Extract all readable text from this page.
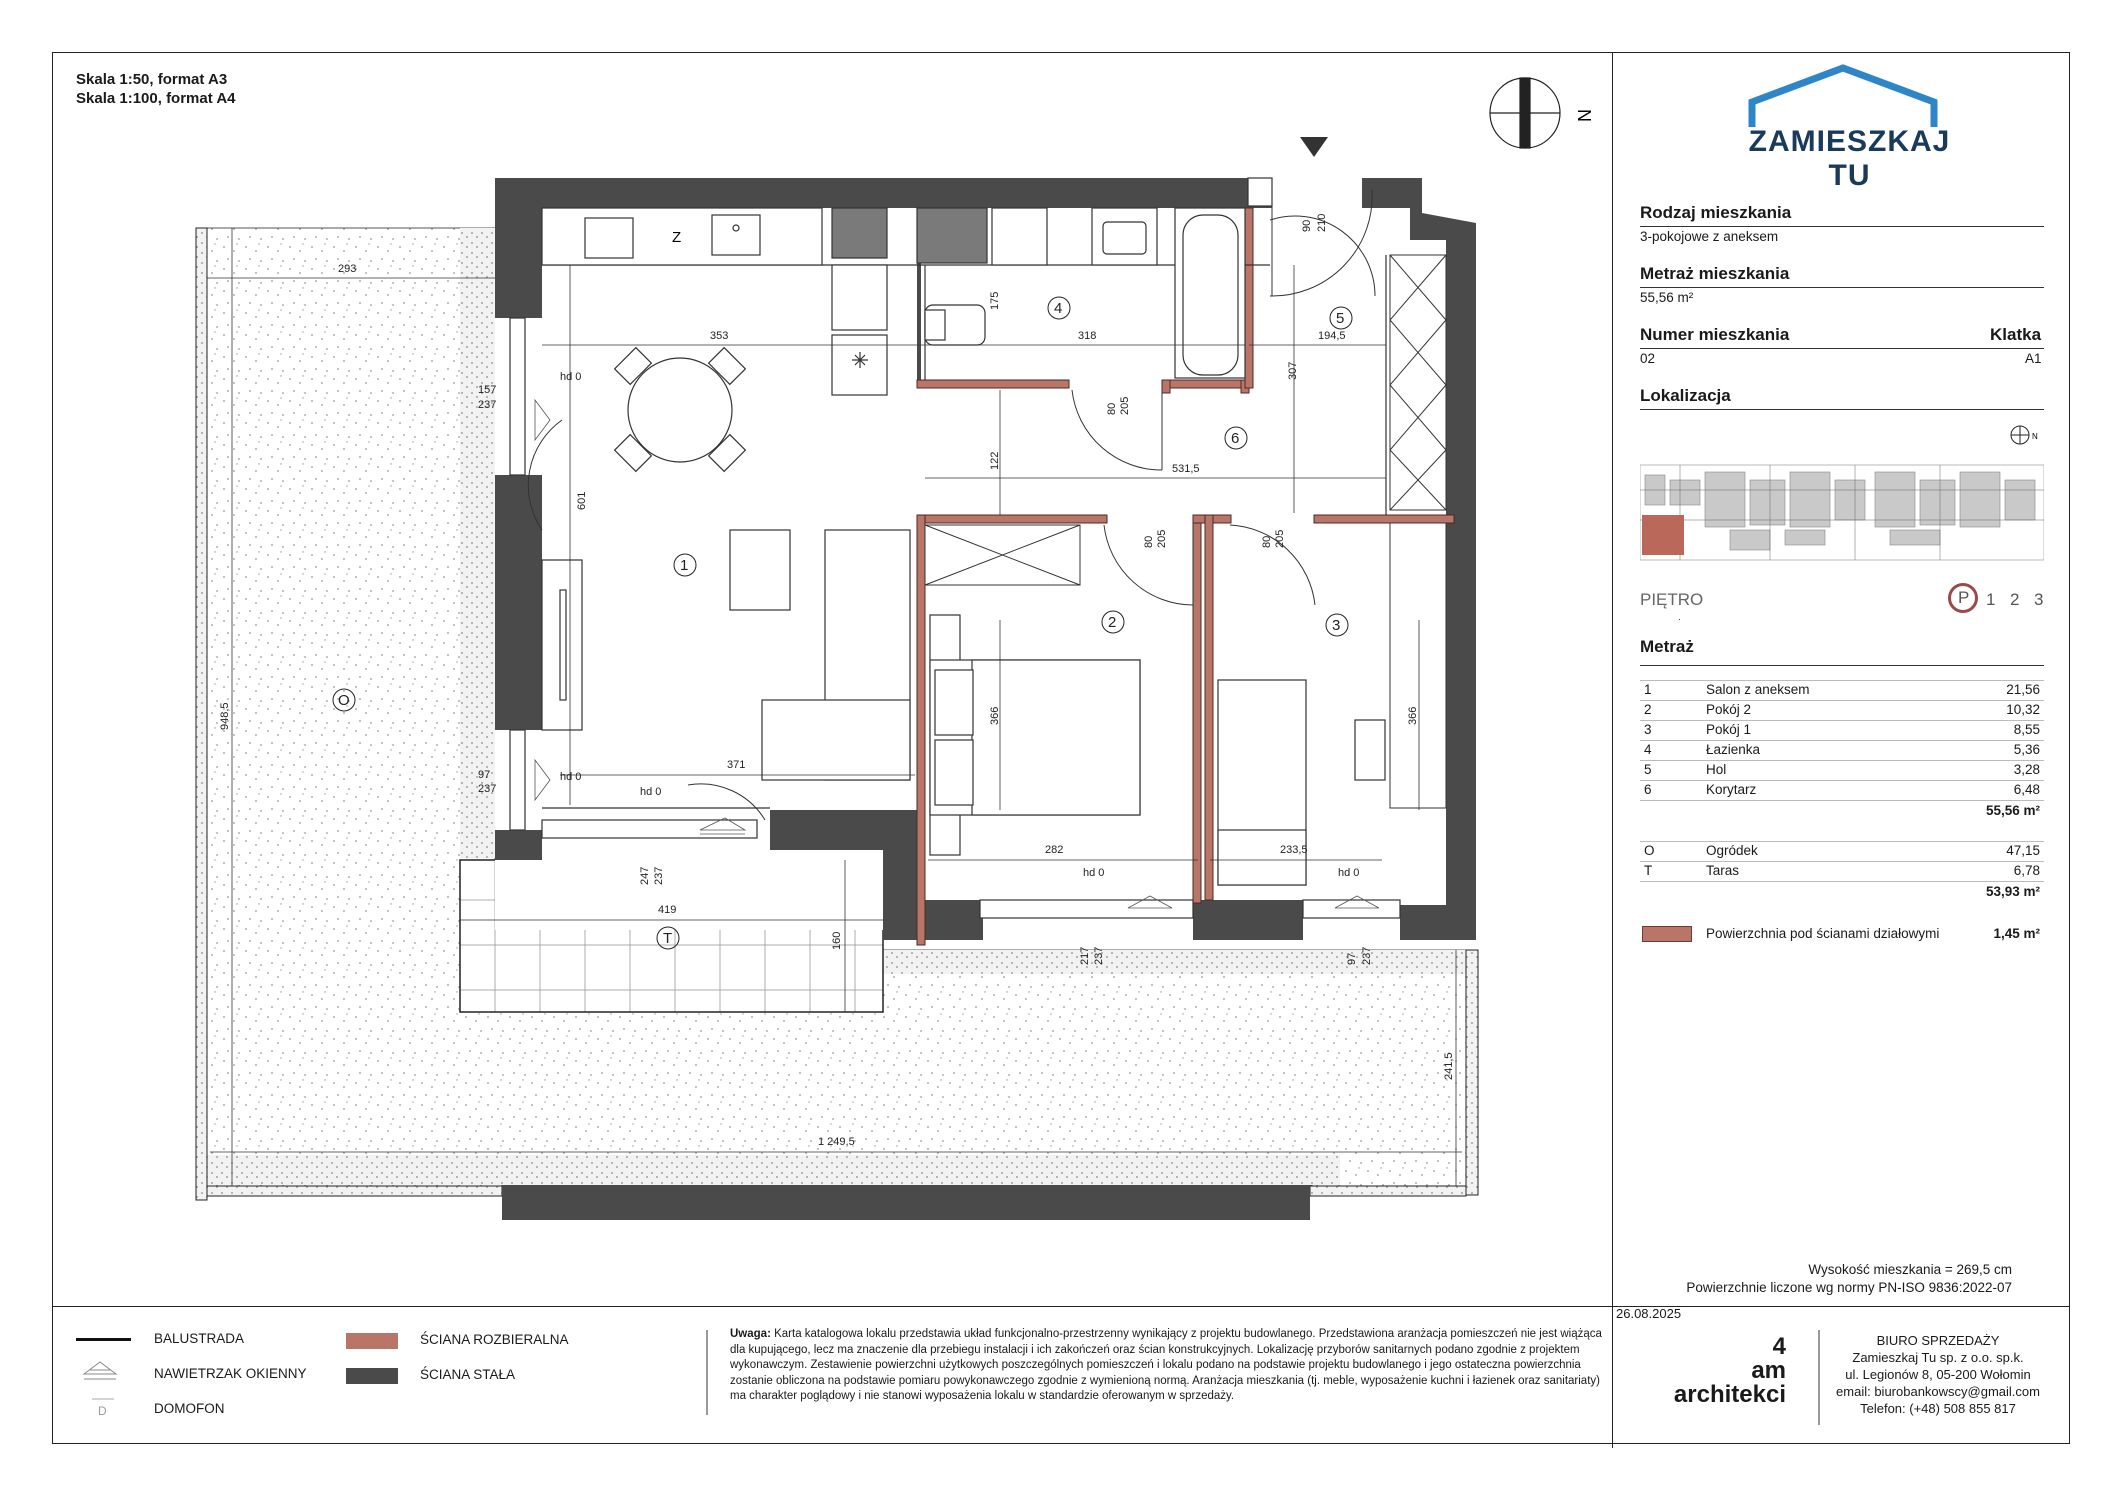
Skala 1:50, format A3
Skala 1:100, format A4
Z
293
353	318	194,5
531,5
371
282	233,5
419
1 249,5
157
237
97
237	hd 0
hd 0	hd 0
hd 0
hd 0
601
948,5
241,5
122
175
307
366	366
160
247 237
217 237	97 237
80 205
80 205	80 205
90 210
1
2	3
4
5
6
O
T
N
ZAMIESZKAJ TU
Rodzaj mieszkania
3-pokojowe z aneksem
Metraż mieszkania
55,56 m²
Numer mieszkania	Klatka
02	A1
Lokalizacja
N
PIĘTRO	P 1 2 3
·
Metraż
1	Salon z aneksem	21,56
2	Pokój 2	10,32
3	Pokój 1	8,55
4	Łazienka	5,36
5	Hol	3,28
6	Korytarz	6,48
55,56 m²
O	Ogródek	47,15
T	Taras	6,78
53,93 m²
Powierzchnia pod ścianami działowymi	1,45 m²
Wysokość mieszkania = 269,5 cm
Powierzchnie liczone wg normy PN-ISO 9836:2022-07
BALUSTRADA
NAWIETRZAK OKIENNY
D	DOMOFON
ŚCIANA ROZBIERALNA
ŚCIANA STAŁA
Uwaga: Karta katalogowa lokalu przedstawia układ funkcjonalno-przestrzenny wynikający z projektu budowlanego. Przedstawiona aranżacja pomieszczeń nie jest wiążąca dla kupującego, lecz ma znaczenie dla przebiegu instalacji i ich zakończeń oraz ścian konstrukcyjnych. Lokalizację przyborów sanitarnych podano zgodnie z projektem wykonawczym. Zestawienie powierzchni użytkowych poszczególnych pomieszczeń i lokalu podano na podstawie projektu budowlanego i jego ostateczna powierzchnia zostanie obliczona na podstawie pomiaru powykonawczego zgodnie z wymienioną normą. Aranżacja mieszkania (tj. meble, wyposażenie kuchni i łazienek oraz sanitariaty) ma charakter poglądowy i nie stanowi wyposażenia lokalu w standardzie oferowanym w sprzedaży.
4
am
architekci
26.08.2025
BIURO SPRZEDAŻY
Zamieszkaj Tu sp. z o.o. sp.k.
ul. Legionów 8, 05-200 Wołomin
email: biurobankowscy@gmail.com
Telefon: (+48) 508 855 817
